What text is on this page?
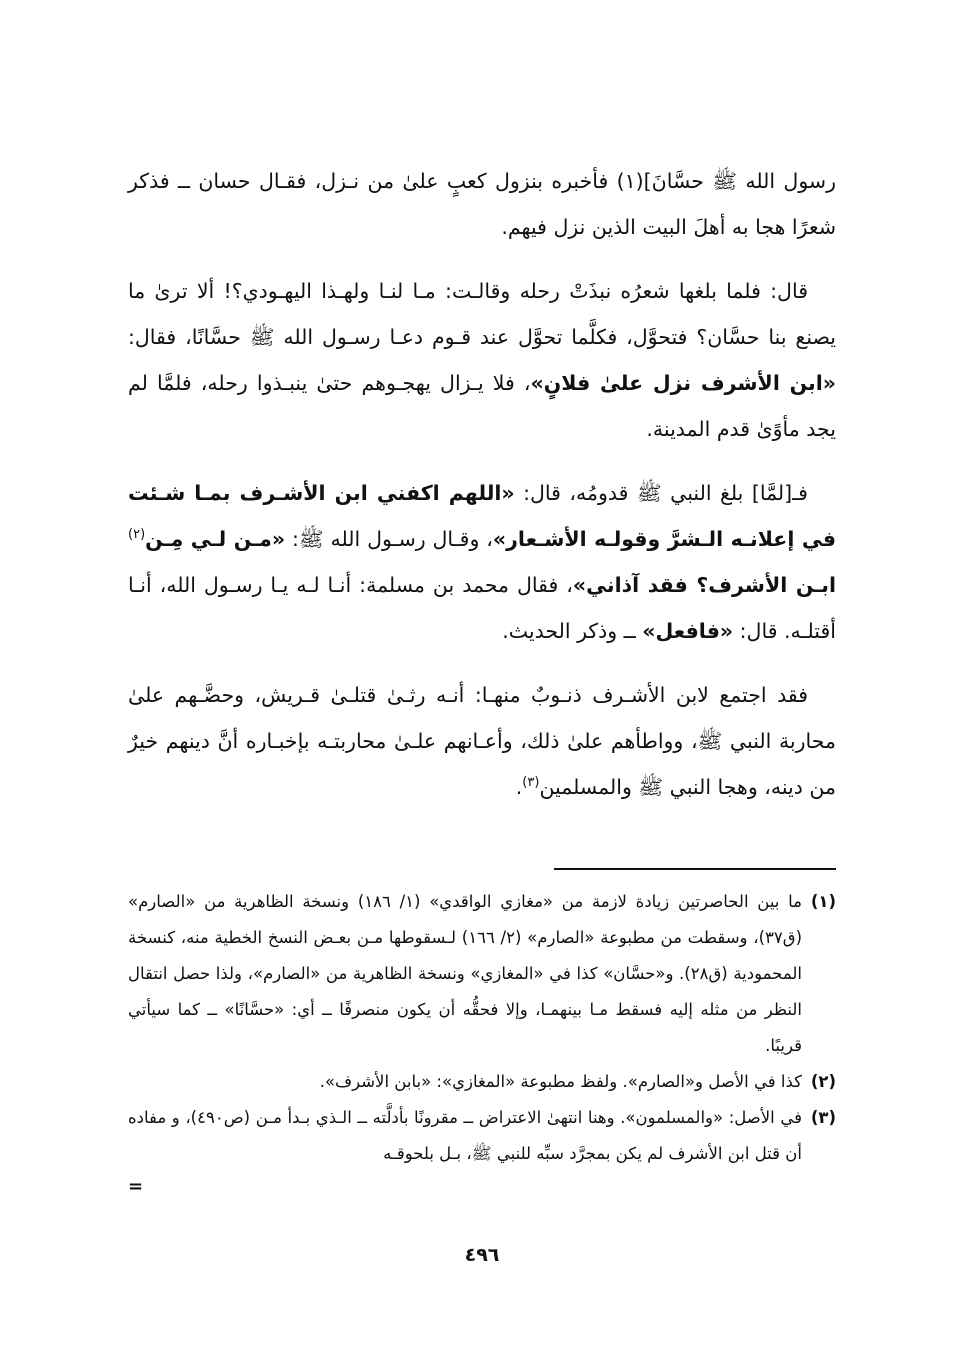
رسول الله ﷺ حسَّانَ](١) فأخبره بنزول كعبٍ علىٰ من نـزل، فقـال حسان ــ فذكر شعرًا هجا به أهلَ البيت الذين نزل فيهم.

قال: فلما بلغها شعرُه نبذَتْ رحله وقالـت: مـا لنـا ولهـذا اليهـودي؟! ألا ترىٰ ما يصنع بنا حسَّان؟ فتحوَّل، فكلَّما تحوَّل عند قـوم دعـا رسـول الله ﷺ حسَّانًا، فقال: «ابن الأشرف نزل علىٰ فلانٍ»، فلا يـزال يهجـوهم حتىٰ ينبـذوا رحله، فلمَّا لم يجد مأوًىٰ قدم المدينة.

فـ[لمَّا] بلغ النبي ﷺ قدومُه، قال: «اللهم اكفني ابن الأشـرف بمـا شـئت في إعلانـه الـشرَّ وقولـه الأشـعار»، وقـال رسـول الله ﷺ: «مـن لـي مِـن$^{(٢)}$ ابـن الأشرف؟ فقد آذاني»، فقال محمد بن مسلمة: أنـا لـه يـا رسـول الله، أنـا أقتلـه. قال: «فافعل» ــ وذكر الحديث.

فقد اجتمع لابن الأشـرف ذنـوبٌ منهـا: أنـه رثـىٰ قتلـىٰ قـريش، وحضَّـهم علىٰ محاربة النبي ﷺ، وواطأهم علىٰ ذلك، وأعـانهم علـىٰ محاربتـه بإخبـاره أنَّ دينهم خيرٌ من دينه، وهجا النبي ﷺ والمسلمين$^{(٣)}$.

(١)
ما بين الحاصرتين زيادة لازمة من «مغازي الواقدي» (١/ ١٨٦) ونسخة الظاهرية من «الصارم» (ق٣٧)، وسقطت من مطبوعة «الصارم» (٢/ ١٦٦) لـسقوطها مـن بعـض النسخ الخطية منه، كنسخة المحمودية (ق٢٨). و«حسَّان» كذا في «المغازي» ونسخة الظاهرية من «الصارم»، ولذا حصل انتقال النظر من مثله إليه فسقط مـا بينهمـا، وإلا فحقُّه أن يكون منصرفًا ــ أي: «حسَّانًا» ــ كما سيأتي قريبًا.
(٢)
كذا في الأصل و«الصارم». ولفظ مطبوعة «المغازي»: «بابن الأشرف».
(٣)
في الأصل: «والمسلمون». وهنا انتهىٰ الاعتراض ــ مقرونًا بأدلَّته ــ الـذي بـدأ مـن (ص٤٩٠)، و مفاده أن قتل ابن الأشرف لم يكن بمجرَّد سبِّه للنبي ﷺ، بـل بلحوقـه
=
٤٩٦
